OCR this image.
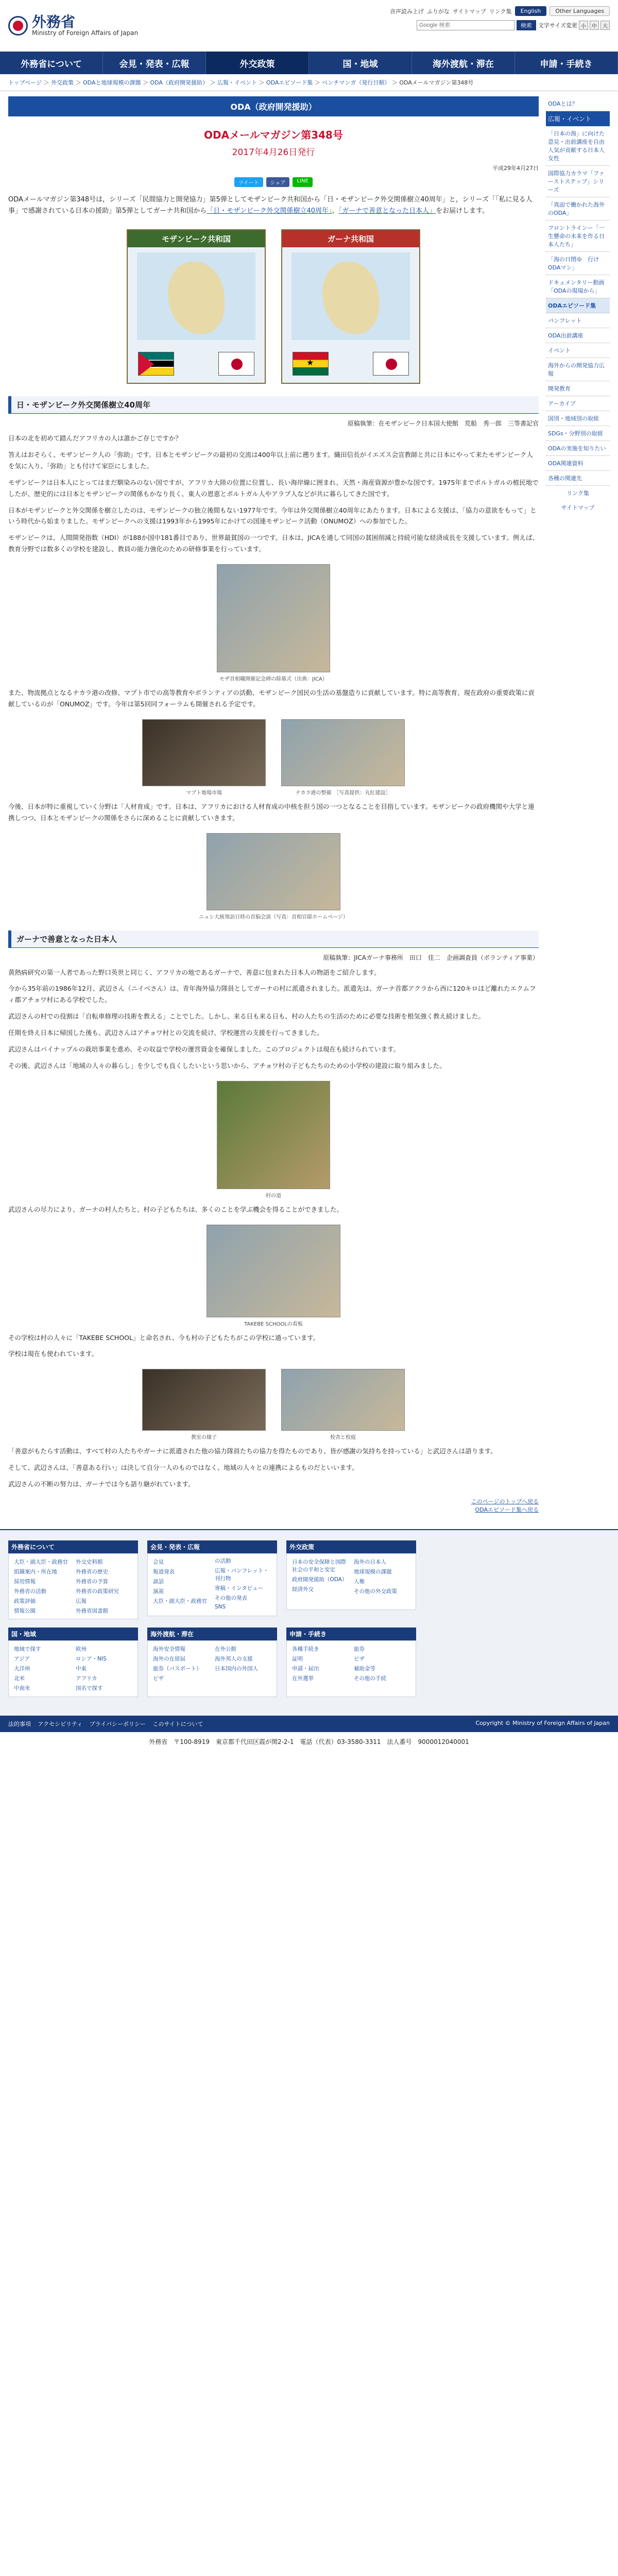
外務省
Ministry of Foreign Affairs of Japan
音声読み上げ ふりがな サイトマップ リンク集	English	Other Languages
Google 検索
検索	文字サイズ変更 小	中	大
外務省について	会見・発表・広報	外交政策	国・地域	海外渡航・滞在	申請・手続き
トップページ ＞ 外交政策 ＞ ODAと地球規模の課題 ＞ ODA（政府開発援助） ＞ 広報・イベント ＞ ODAエピソード集 ＞ ベンチマンガ（発行日順） ＞ ODAメールマガジン第348号
ODA（政府開発援助）
ODAメールマガジン第348号
2017年4月26日発行
平成29年4月27日
ツイート	シェア	LINE

ODAメールマガジン第348号は，シリーズ「民間協力と開発協力」第5弾としてモザンビーク共和国から「日・モザンビーク外交関係樹立40周年」と，シリーズ「「私に見る人事」で感謝されている日本の援助」第5弾としてガーナ共和国から「日・モザンビーク外交関係樹立40周年」、「ガーナで善意となった日本人」をお届けします。

モザンビーク共和国	ガーナ共和国
★
日・モザンビーク外交関係樹立40周年
原稿執筆：在モザンビーク日本国大使館　荒船　秀一郎　三等書記官

日本の北を初めて踏んだアフリカの人は誰かご存じですか？

答えはおそらく、モザンビーク人の「弥助」です。日本とモザンビークの最初の交流は400年以上前に遡ります。織田信長がイエズス会宣教師と共に日本にやって来たモザンビーク人を気に入り、「弥助」とも付けて家臣にしました。

モザンビークは日本人にとってはまだ馴染みのない国ですが、アフリカ大陸の位置に位置し、長い海岸線に囲まれ、天然・海産資源が豊かな国です。1975年までポルトガルの植民地でしたが、歴史的には日本とモザンビークの関係もかなり長く、東人の恩恵とポルトガル人やアラブ人などが共に暮らしてきた国です。

日本がモザンビークと外交関係を樹立したのは、モザンビークの独立後間もない1977年です。今年は外交関係樹立40周年にあたります。日本による支援は、「協力の意欲をもって」という時代から始まりました。モザンビークへの支援は1993年から1995年にかけての国連モザンビーク活動（ONUMOZ）への参加でした。

モザンビークは、人間開発指数（HDI）が188か国中181番目であり、世界最貧国の一つです。日本は、JICAを通して同国の貧困削減と持続可能な経済成長を支援しています。例えば、教育分野では数多くの学校を建設し、教員の能力強化のための研修事業を行っています。

モザ首相職開催記念碑の除幕式（出典：JICA）

また、物流拠点となるナカラ港の改修、マプト市での高等教育やボランティアの活動、モザンビーク国民の生活の基盤造りに貢献しています。特に高等教育、現在政府の重要政策に貢献しているのが「ONUMOZ」です。今年は第5回同フォーラムも開催される予定です。

マプト地場市場	ナカラ港の整備　［写真提供：丸紅建設］

今後、日本が特に重視していく分野は「人材育成」です。日本は、アフリカにおける人材育成の中核を担う国の一つとなることを目指しています。モザンビークの政府機関や大学と連携しつつ、日本とモザンビークの関係をさらに深めることに貢献していきます。

ニュシ大統領訪日時の首脳会談（写真：首相官邸ホームページ）
ガーナで善意となった日本人
原稿執筆：JICAガーナ事務所　田口　佳二　企画調査員（ボランティア事業）

黄熱病研究の第一人者であった野口英世と同じく、アフリカの地であるガーナで、善意に包まれた日本人の物語をご紹介します。

今から35年前の1986年12月、武辺さん（ニイベさん）は、青年海外協力隊員としてガーナの村に派遣されました。派遣先は、ガーナ首都アクラから西に120キロほど離れたエクムフィ郡アチョワ村にある学校でした。

武辺さんの村での役割は「自転車修理の技術を教える」ことでした。しかし、来る日も来る日も、村の人たちの生活のために必要な技術を根気強く教え続けました。

任期を終え日本に帰国した後も、武辺さんはアチョワ村との交流を続け、学校運営の支援を行ってきました。

武辺さんはパイナップルの栽培事業を進め、その収益で学校の運営資金を確保しました。このプロジェクトは現在も続けられています。

その後、武辺さんは「地域の人々の暮らし」を少しでも良くしたいという思いから、アチョワ村の子どもたちのための小学校の建設に取り組みました。

村の道

武辺さんの尽力により、ガーナの村人たちと、村の子どもたちは、多くのことを学ぶ機会を得ることができました。

TAKEBE SCHOOLの看板

その学校は村の人々に「TAKEBE SCHOOL」と命名され、今も村の子どもたちがこの学校に通っています。

学校は現在も使われています。

教室の様子	校舎と校庭

「善意がもたらす活動は、すべて村の人たちやガーナに派遣された他の協力隊員たちの協力を得たものであり、皆が感謝の気持ちを持っている」と武辺さんは語ります。

そして、武辺さんは、「善意ある行い」は決して自分一人のものではなく、地域の人々との連携によるものだといいます。

武辺さんの不断の努力は、ガーナでは今も語り継がれています。

このページのトップへ戻る
ODAエピソード集へ戻る
ODAとは？
広報・イベント
「日本の海」に向けた意見・出前講座を自由人気が貢献する日本人女性
国際協力カラマ「ファーストステップ」シリーズ
「真面で働かれた海外のODA」
フロントラインー「一生懸命の未来を作る日本人たち」
「海の日閉ゆ　行けODAマン」
ドキュメンタリー動画「ODAの現場から」
ODAエピソード集
パンフレット
ODA出前講座
イベント
海外からの開発協力広報
開発教育
アーカイブ
国別・地域別の取組
SDGs・分野別の取組
ODAの実施を知りたい
ODA関連資料
各種の関連先
リンク集
サイトマップ
外務省について
大臣・副大臣・政務官
組織案内・所在地
採用情報
外務省の活動
政策評価
情報公開
外交史料館
外務省の歴史
外務省の予算
外務省の政策研究
広報
外務省図書館
会見・発表・広報
会見
報道発表
談話
演説
大臣・副大臣・政務官の活動
広報・パンフレット・刊行物
寄稿・インタビュー
その他の発表
SNS
外交政策
日本の安全保障と国際社会の平和と安定
政府開発援助（ODA）
経済外交
海外の日本人
地球規模の課題
人権
その他の外交政策
国・地域
地域で探す
アジア
大洋州
北米
中南米
欧州
ロシア・NIS
中東
アフリカ
国名で探す
海外渡航・滞在
海外安全情報
海外の在留届
旅券（パスポート）
ビザ
在外公館
海外邦人の支援
日本国内の外国人
申請・手続き
各種手続き
証明
申請・届出
在外選挙
旅券
ビザ
補助金等
その他の手続
法的事項 アクセシビリティ プライバシーポリシー このサイトについて	Copyright © Ministry of Foreign Affairs of Japan
外務省　〒100-8919　東京都千代田区霞が関2-2-1　電話（代表）03-3580-3311　法人番号　9000012040001
